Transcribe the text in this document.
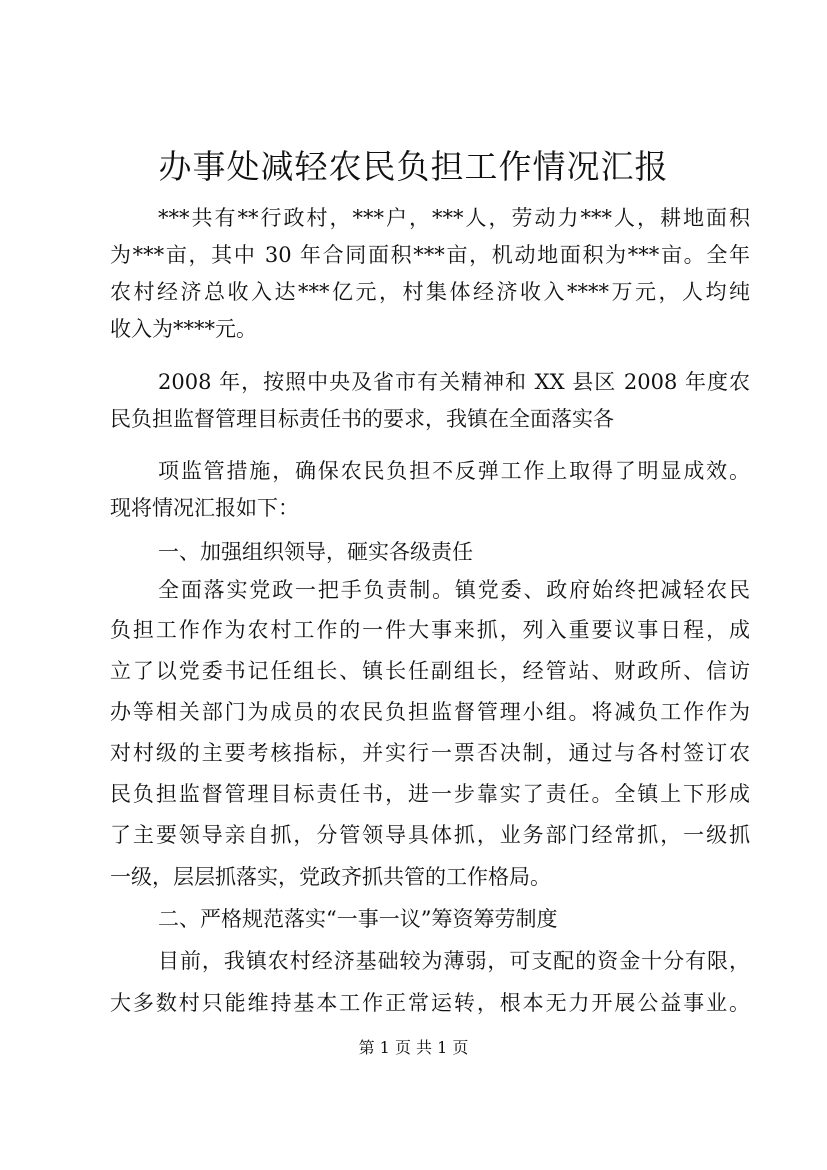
办事处减轻农民负担工作情况汇报

***共有**行政村，***户，***人，劳动力***人，耕地面积

为***亩，其中 30 年合同面积***亩，机动地面积为***亩。全年

农村经济总收入达***亿元，村集体经济收入****万元，人均纯

收入为****元。

2008 年，按照中央及省市有关精神和 XX 县区 2008 年度农

民负担监督管理目标责任书的要求，我镇在全面落实各

项监管措施，确保农民负担不反弹工作上取得了明显成效。

现将情况汇报如下：

一、加强组织领导，砸实各级责任

全面落实党政一把手负责制。镇党委、政府始终把减轻农民

负担工作作为农村工作的一件大事来抓，列入重要议事日程，成

立了以党委书记任组长、镇长任副组长，经管站、财政所、信访

办等相关部门为成员的农民负担监督管理小组。将减负工作作为

对村级的主要考核指标，并实行一票否决制，通过与各村签订农

民负担监督管理目标责任书，进一步靠实了责任。全镇上下形成

了主要领导亲自抓，分管领导具体抓，业务部门经常抓，一级抓

一级，层层抓落实，党政齐抓共管的工作格局。

二、严格规范落实“一事一议”筹资筹劳制度

目前，我镇农村经济基础较为薄弱，可支配的资金十分有限，

大多数村只能维持基本工作正常运转，根本无力开展公益事业。

第 1 页 共 1 页
